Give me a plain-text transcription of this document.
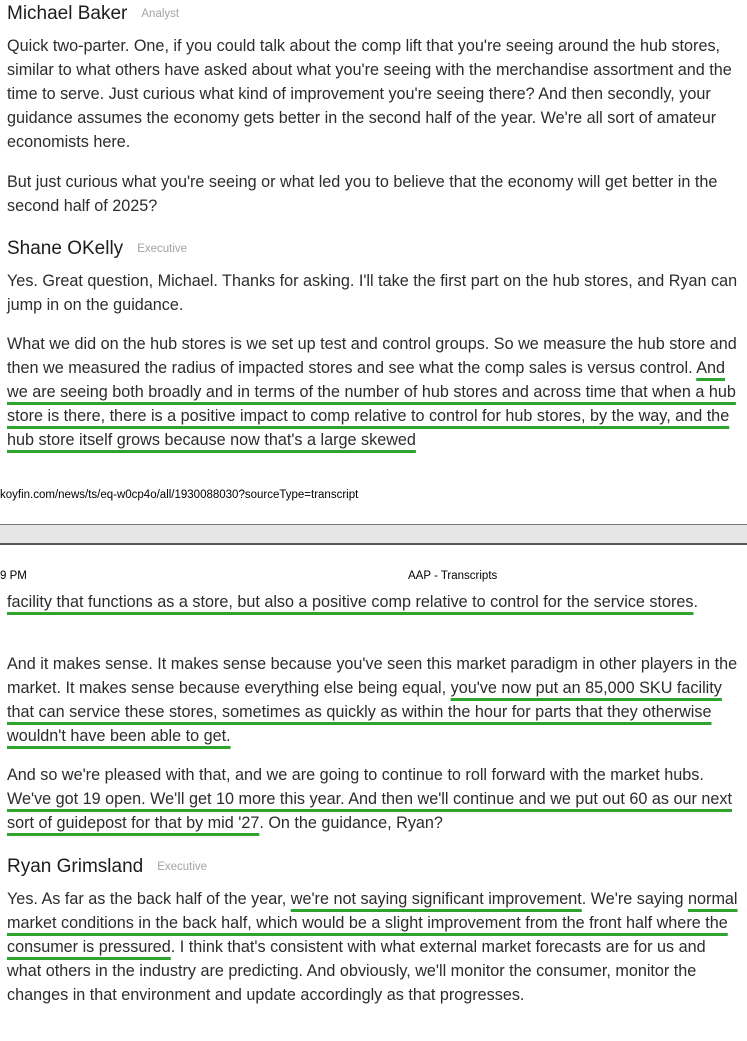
Michael Baker Analyst
Quick two-parter. One, if you could talk about the comp lift that you're seeing around the hub stores, similar to what others have asked about what you're seeing with the merchandise assortment and the time to serve. Just curious what kind of improvement you're seeing there? And then secondly, your guidance assumes the economy gets better in the second half of the year. We're all sort of amateur economists here.
But just curious what you're seeing or what led you to believe that the economy will get better in the second half of 2025?
Shane OKelly Executive
Yes. Great question, Michael. Thanks for asking. I'll take the first part on the hub stores, and Ryan can jump in on the guidance.
What we did on the hub stores is we set up test and control groups. So we measure the hub store and then we measured the radius of impacted stores and see what the comp sales is versus control. And we are seeing both broadly and in terms of the number of hub stores and across time that when a hub store is there, there is a positive impact to comp relative to control for hub stores, by the way, and the hub store itself grows because now that's a large skewed
koyfin.com/news/ts/eq-w0cp4o/all/1930088030?sourceType=transcript
9 PM	AAP - Transcripts
facility that functions as a store, but also a positive comp relative to control for the service stores.
And it makes sense. It makes sense because you've seen this market paradigm in other players in the market. It makes sense because everything else being equal, you've now put an 85,000 SKU facility that can service these stores, sometimes as quickly as within the hour for parts that they otherwise wouldn't have been able to get.
And so we're pleased with that, and we are going to continue to roll forward with the market hubs. We've got 19 open. We'll get 10 more this year. And then we'll continue and we put out 60 as our next sort of guidepost for that by mid '27. On the guidance, Ryan?
Ryan Grimsland Executive
Yes. As far as the back half of the year, we're not saying significant improvement. We're saying normal market conditions in the back half, which would be a slight improvement from the front half where the consumer is pressured. I think that's consistent with what external market forecasts are for us and what others in the industry are predicting. And obviously, we'll monitor the consumer, monitor the changes in that environment and update accordingly as that progresses.
